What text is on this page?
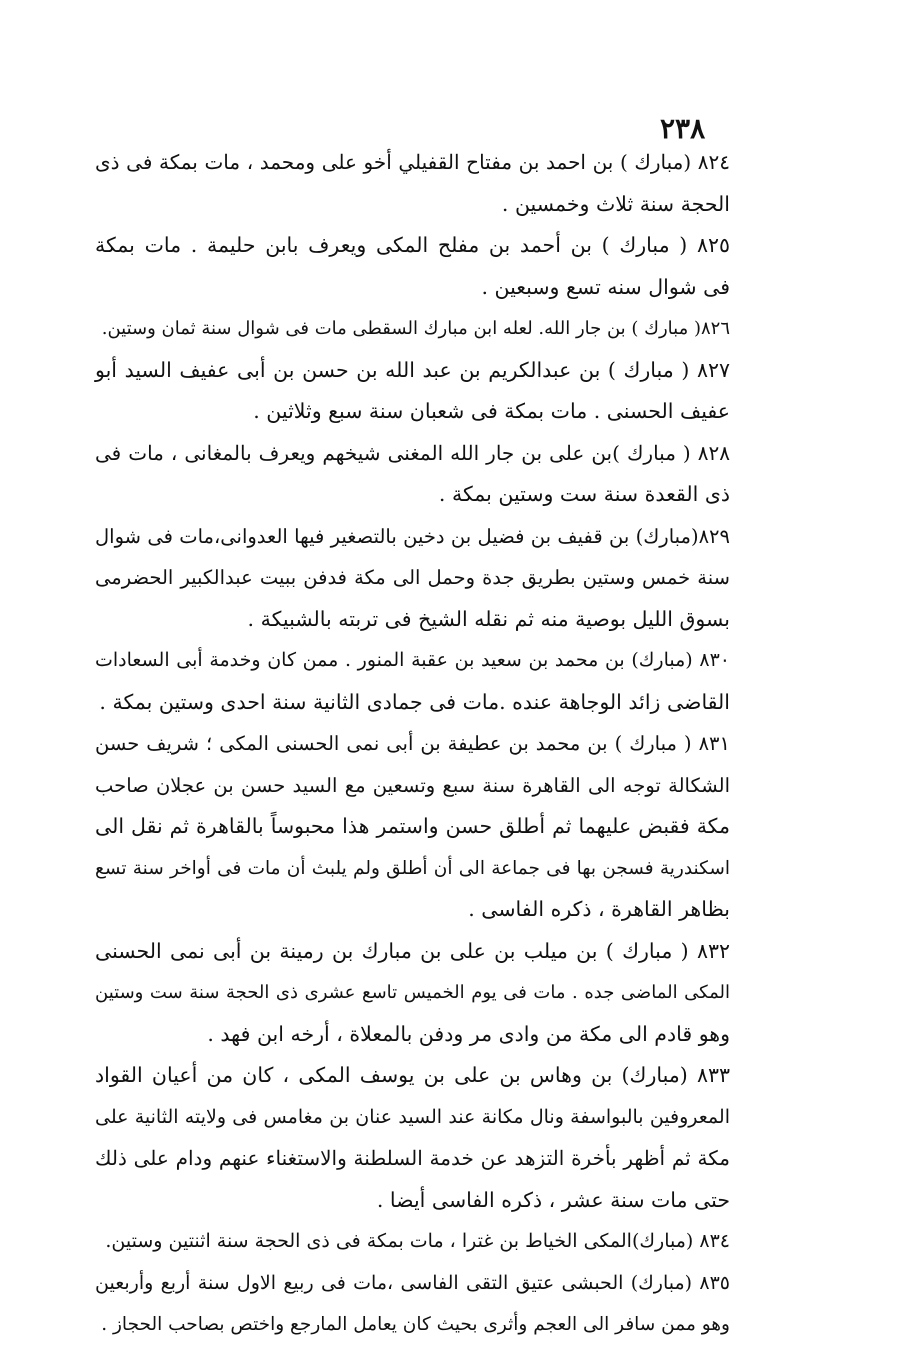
٢٣٨

٨٢٤ (مبارك ) بن احمد بن مفتاح القفيلي أخو على ومحمد ، مات بمكة فى ذى
الحجة سنة ثلاث وخمسين .

٨٢٥ ( مبارك ) بن أحمد بن مفلح المكى ويعرف بابن حليمة . مات بمكة
فى شوال سنه تسع وسبعين .

٨٢٦( مبارك ) بن جار الله. لعله ابن مبارك السقطى مات فى شوال سنة ثمان وستين.

٨٢٧ ( مبارك ) بن عبدالكريم بن عبد الله بن حسن بن أبى عفيف السيد أبو
عفيف الحسنى . مات بمكة فى شعبان سنة سبع وثلاثين .

٨٢٨ ( مبارك )بن على بن جار الله المغنى شيخهم ويعرف بالمغانى ، مات فى
ذى القعدة سنة ست وستين بمكة .

٨٢٩(مبارك) بن قفيف بن فضيل بن دخين بالتصغير فيها العدوانى،مات فى شوال
سنة خمس وستين بطريق جدة وحمل الى مكة فدفن ببيت عبدالكبير الحضرمى
بسوق الليل بوصية منه ثم نقله الشيخ فى تربته بالشبيكة .

٨٣٠ (مبارك) بن محمد بن سعيد بن عقبة المنور . ممن كان وخدمة أبى السعادات
القاضى زائد الوجاهة عنده .مات فى جمادى الثانية سنة احدى وستين بمكة .

٨٣١ ( مبارك ) بن محمد بن عطيفة بن أبى نمى الحسنى المكى ؛ شريف حسن
الشكالة توجه الى القاهرة سنة سبع وتسعين مع السيد حسن بن عجلان صاحب
مكة فقبض عليهما ثم أطلق حسن واستمر هذا محبوساً بالقاهرة ثم نقل الى
اسكندرية فسجن بها فى جماعة الى أن أطلق ولم يلبث أن مات فى أواخر سنة تسع
بظاهر القاهرة ، ذكره الفاسى .

٨٣٢ ( مبارك ) بن ميلب بن على بن مبارك بن رمينة بن أبى نمى الحسنى
المكى الماضى جده . مات فى يوم الخميس تاسع عشرى ذى الحجة سنة ست وستين
وهو قادم الى مكة من وادى مر ودفن بالمعلاة ، أرخه ابن فهد .

٨٣٣ (مبارك) بن وهاس بن على بن يوسف المكى ، كان من أعيان القواد
المعروفين بالبواسفة ونال مكانة عند السيد عنان بن مغامس فى ولايته الثانية على
مكة ثم أظهر بأخرة التزهد عن خدمة السلطنة والاستغناء عنهم ودام على ذلك
حتى مات سنة عشر ، ذكره الفاسى أيضا .

٨٣٤ (مبارك)المكى الخياط بن غترا ، مات بمكة فى ذى الحجة سنة اثنتين وستين.

٨٣٥ (مبارك) الحبشى عتيق التقى الفاسى ،مات فى ربيع الاول سنة أربع وأربعين
وهو ممن سافر الى العجم وأثرى بحيث كان يعامل المارجع واختص بصاحب الحجاز .
